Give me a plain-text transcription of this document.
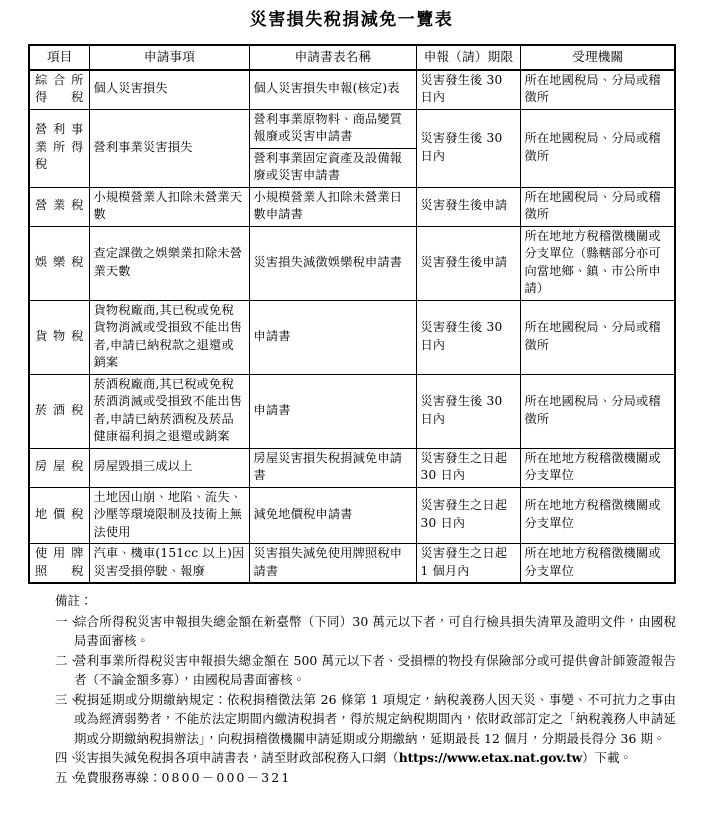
災害損失稅捐減免一覽表
項目	申請事項	申請書表名稱	申報（請）期限	受理機關
綜合所得稅	個人災害損失	個人災害損失申報(核定)表	災害發生後 30 日內	所在地國稅局、分局或稽徵所
營利事業所得稅	營利事業災害損失	營利事業原物料、商品變質報廢或災害申請書	災害發生後 30 日內	所在地國稅局、分局或稽徵所
		營利事業固定資產及設備報廢或災害申請書		
營業稅	小規模營業人扣除未營業天數	小規模營業人扣除未營業日數申請書	災害發生後申請	所在地國稅局、分局或稽徵所
娛樂稅	查定課徵之娛樂業扣除未營業天數	災害損失減徵娛樂稅申請書	災害發生後申請	所在地地方稅稽徵機關或分支單位（縣轄部分亦可向當地鄉、鎮、市公所申請）
貨物稅	貨物稅廠商‚其已稅或免稅貨物消滅或受損致不能出售者‚申請已納稅款之退還或銷案	申請書	災害發生後 30 日內	所在地國稅局、分局或稽徵所
菸酒稅	菸酒稅廠商‚其已稅或免稅菸酒消滅或受損致不能出售者‚申請已納菸酒稅及菸品健康福利捐之退還或銷案	申請書	災害發生後 30 日內	所在地國稅局、分局或稽徵所
房屋稅	房屋毀損三成以上	房屋災害損失稅捐減免申請書	災害發生之日起 30 日內	所在地地方稅稽徵機關或分支單位
地價稅	土地因山崩、地陷、流失、沙壓等環境限制及技術上無法使用	減免地價稅申請書	災害發生之日起 30 日內	所在地地方稅稽徵機關或分支單位
使用牌照稅	汽車、機車(151cc 以上)因災害受損停駛、報廢	災害損失減免使用牌照稅申請書	災害發生之日起 1 個月內	所在地地方稅稽徵機關或分支單位
備註：
一、
綜合所得稅災害申報損失總金額在新臺幣（下同）30 萬元以下者，可自行檢具損失清單及證明文件，由國稅局書面審核。
二、
營利事業所得稅災害申報損失總金額在 500 萬元以下者、受損標的物投有保險部分或可提供會計師簽證報告者（不論金額多寡），由國稅局書面審核。
三、
稅捐延期或分期繳納規定：依稅捐稽徵法第 26 條第 1 項規定，納稅義務人因天災、事變、不可抗力之事由或為經濟弱勢者，不能於法定期間內繳清稅捐者，得於規定納稅期間內，依財政部訂定之「納稅義務人申請延期或分期繳納稅捐辦法」，向稅捐稽徵機關申請延期或分期繳納，延期最長 12 個月，分期最長得分 36 期。
四、
災害損失減免稅捐各項申請書表，請至財政部稅務入口網（https://www.etax.nat.gov.tw）下載。
五、
免費服務專線：0800－000－321
